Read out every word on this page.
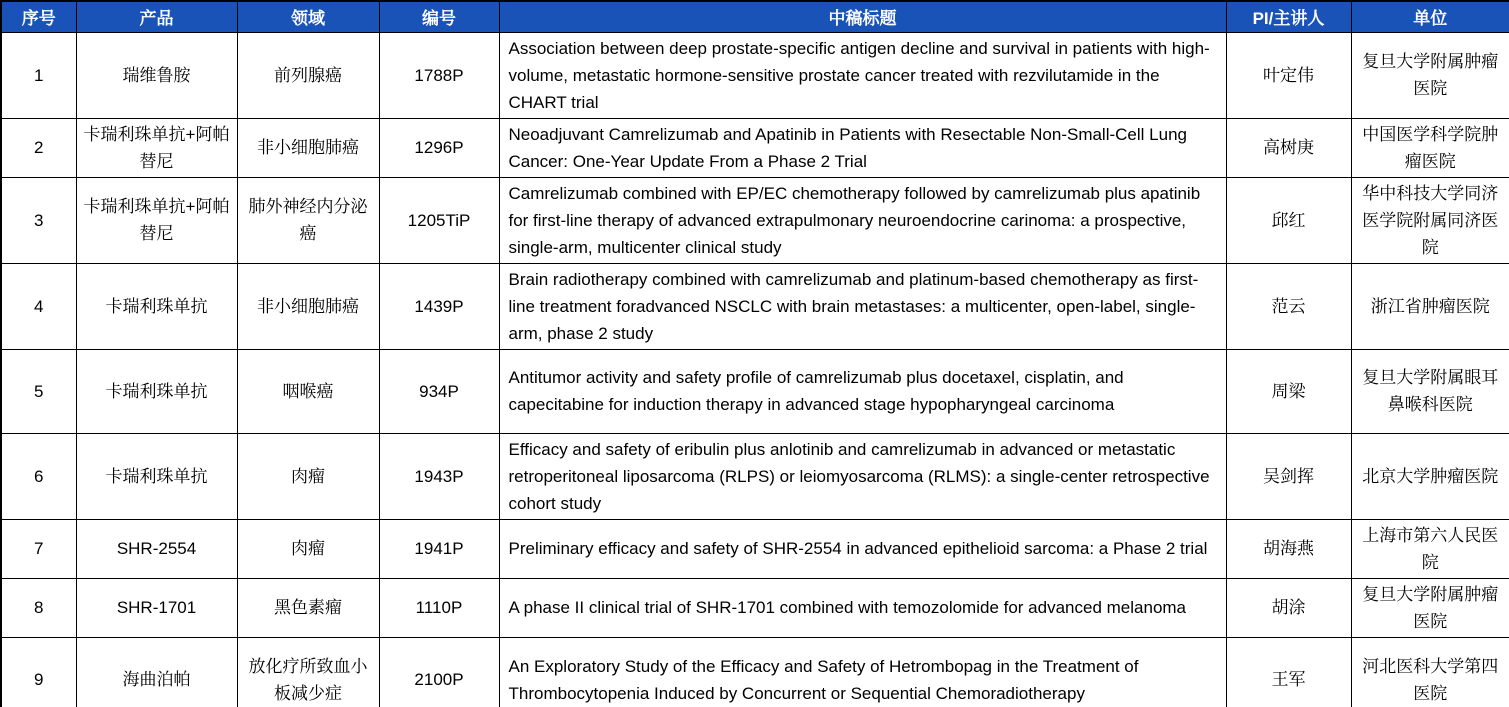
序号	产品	领域	编号	中稿标题	PI/主讲人	单位
1	瑞维鲁胺	前列腺癌	1788P	Association between deep prostate-specific antigen decline and survival in patients with high-volume, metastatic hormone-sensitive prostate cancer treated with rezvilutamide in the CHART trial	叶定伟	复旦大学附属肿瘤医院
2	卡瑞利珠单抗+阿帕替尼	非小细胞肺癌	1296P	Neoadjuvant Camrelizumab and Apatinib in Patients with Resectable Non-Small-Cell Lung Cancer: One-Year Update From a Phase 2 Trial	高树庚	中国医学科学院肿瘤医院
3	卡瑞利珠单抗+阿帕替尼	肺外神经内分泌癌	1205TiP	Camrelizumab combined with EP/EC chemotherapy followed by camrelizumab plus apatinib for first-line therapy of advanced extrapulmonary neuroendocrine carinoma: a prospective, single-arm, multicenter clinical study	邱红	华中科技大学同济医学院附属同济医院
4	卡瑞利珠单抗	非小细胞肺癌	1439P	Brain radiotherapy combined with camrelizumab and platinum-based chemotherapy as first-line treatment foradvanced NSCLC with brain metastases: a multicenter, open-label, single-arm, phase 2 study	范云	浙江省肿瘤医院
5	卡瑞利珠单抗	咽喉癌	934P	Antitumor activity and safety profile of camrelizumab plus docetaxel, cisplatin, and capecitabine for induction therapy in advanced stage hypopharyngeal carcinoma	周梁	复旦大学附属眼耳鼻喉科医院
6	卡瑞利珠单抗	肉瘤	1943P	Efficacy and safety of eribulin plus anlotinib and camrelizumab in advanced or metastatic retroperitoneal liposarcoma (RLPS) or leiomyosarcoma (RLMS): a single-center retrospective cohort study	吴剑挥	北京大学肿瘤医院
7	SHR-2554	肉瘤	1941P	Preliminary efficacy and safety of SHR-2554 in advanced epithelioid sarcoma: a Phase 2 trial	胡海燕	上海市第六人民医院
8	SHR-1701	黑色素瘤	1110P	A phase II clinical trial of SHR-1701 combined with temozolomide for advanced melanoma	胡涂	复旦大学附属肿瘤医院
9	海曲泊帕	放化疗所致血小板减少症	2100P	An Exploratory Study of the Efficacy and Safety of Hetrombopag in the Treatment of Thrombocytopenia Induced by Concurrent or Sequential Chemoradiotherapy	王军	河北医科大学第四医院
